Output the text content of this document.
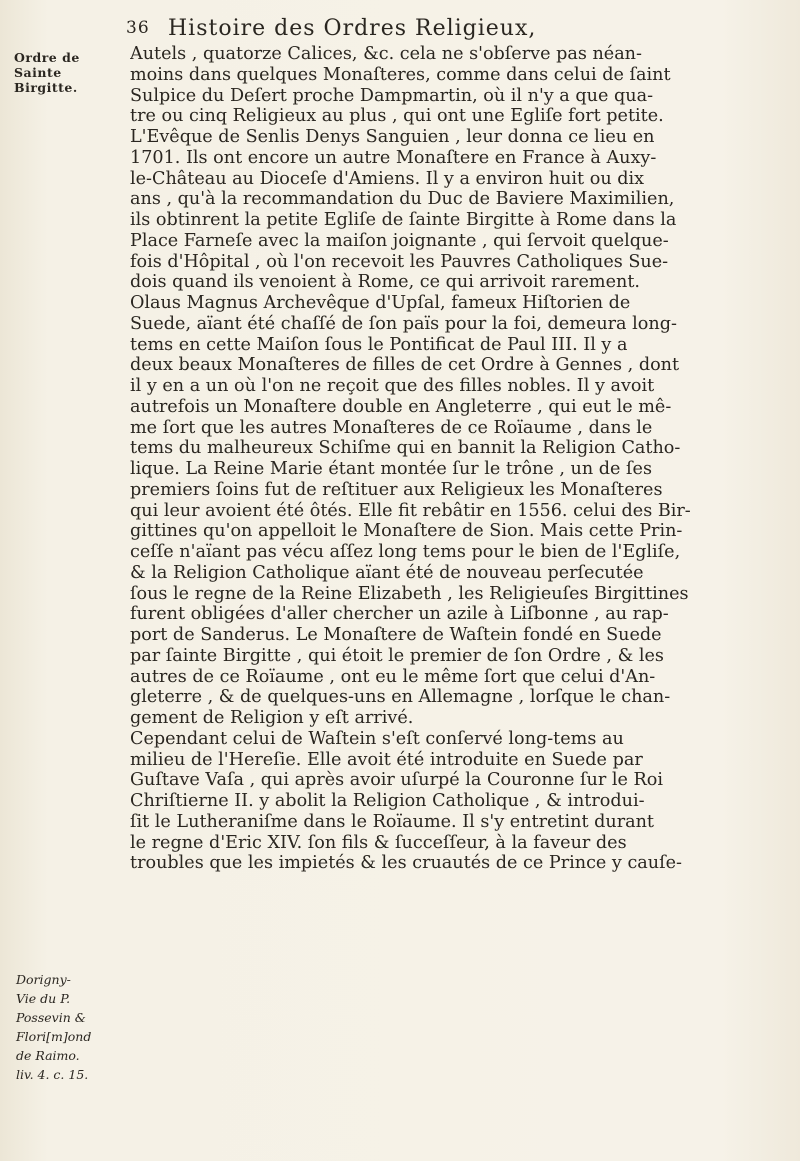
36 Histoire des Ordres Religieux,
Ordre de
Sainte
Birgitte.
Autels , quatorze Calices, &c. cela ne s'obſerve pas néan-
moins dans quelques Monaſteres, comme dans celui de ſaint
Sulpice du Deſert proche Dampmartin, où il n'y a que qua-
tre ou cinq Religieux au plus , qui ont une Egliſe fort petite.
L'Evêque de Senlis Denys Sanguien , leur donna ce lieu en
1701. Ils ont encore un autre Monaſtere en France à Auxy-
le-Château au Dioceſe d'Amiens. Il y a environ huit ou dix
ans , qu'à la recommandation du Duc de Baviere Maximilien,
ils obtinrent la petite Egliſe de ſainte Birgitte à Rome dans la
Place Farneſe avec la maiſon joignante , qui ſervoit quelque-
fois d'Hôpital , où l'on recevoit les Pauvres Catholiques Sue-
dois quand ils venoient à Rome, ce qui arrivoit rarement.
Olaus Magnus Archevêque d'Upſal, fameux Hiſtorien de
Suede, aïant été chaſſé de ſon païs pour la foi, demeura long-
tems en cette Maiſon ſous le Pontificat de Paul III. Il y a
deux beaux Monaſteres de filles de cet Ordre à Gennes , dont
il y en a un où l'on ne reçoit que des filles nobles. Il y avoit
autrefois un Monaſtere double en Angleterre , qui eut le mê-
me ſort que les autres Monaſteres de ce Roïaume , dans le
tems du malheureux Schiſme qui en bannit la Religion Catho-
lique. La Reine Marie étant montée ſur le trône , un de ſes
premiers ſoins fut de reſtituer aux Religieux les Monaſteres
qui leur avoient été ôtés. Elle fit rebâtir en 1556. celui des Bir-
gittines qu'on appelloit le Monaſtere de Sion. Mais cette Prin-
ceſſe n'aïant pas vécu aſſez long tems pour le bien de l'Egliſe,
& la Religion Catholique aïant été de nouveau perſecutée
ſous le regne de la Reine Elizabeth , les Religieuſes Birgittines
furent obligées d'aller chercher un azile à Liſbonne , au rap-
port de Sanderus. Le Monaſtere de Waſtein fondé en Suede
par ſainte Birgitte , qui étoit le premier de ſon Ordre , & les
autres de ce Roïaume , ont eu le même ſort que celui d'An-
gleterre , & de quelques-uns en Allemagne , lorſque le chan-
gement de Religion y eſt arrivé.
Cependant celui de Waſtein s'eſt conſervé long-tems au
milieu de l'Hereſie. Elle avoit été introduite en Suede par
Guſtave Vaſa , qui après avoir uſurpé la Couronne ſur le Roi
Chriſtierne II. y abolit la Religion Catholique , & introdui-
ſit le Lutheraniſme dans le Roïaume. Il s'y entretint durant
le regne d'Eric XIV. ſon fils & ſucceſſeur, à la faveur des
troubles que les impietés & les cruautés de ce Prince y cauſe-
Dorigny-
Vie du P.
Possevin &
Flori[m]ond
de Raimo.
liv. 4. c. 15.
